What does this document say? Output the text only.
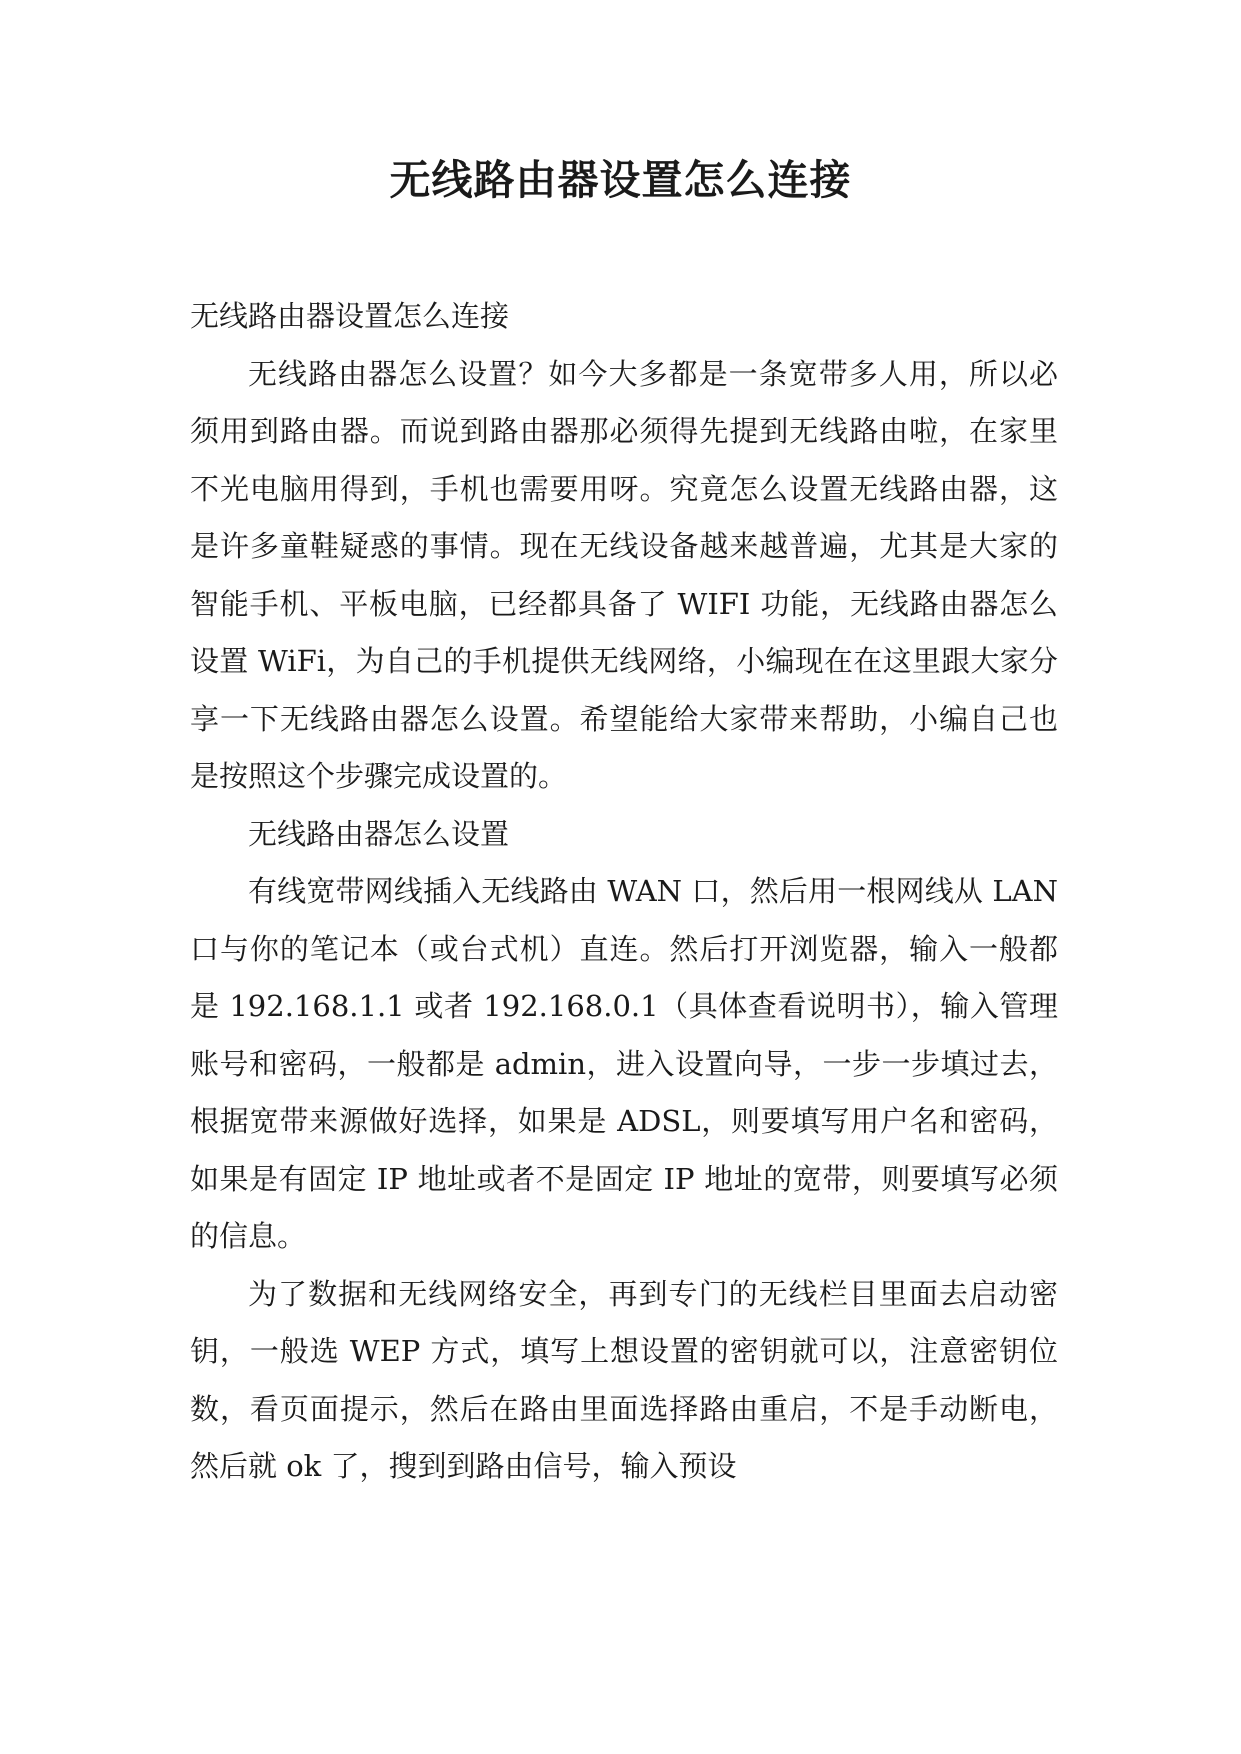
无线路由器设置怎么连接

无线路由器设置怎么连接

无线路由器怎么设置？如今大多都是一条宽带多人用，所以必须用到路由器。而说到路由器那必须得先提到无线路由啦，在家里不光电脑用得到，手机也需要用呀。究竟怎么设置无线路由器，这是许多童鞋疑惑的事情。现在无线设备越来越普遍，尤其是大家的智能手机、平板电脑，已经都具备了 WIFI 功能，无线路由器怎么设置 WiFi，为自己的手机提供无线网络，小编现在在这里跟大家分享一下无线路由器怎么设置。希望能给大家带来帮助，小编自己也是按照这个步骤完成设置的。

无线路由器怎么设置

有线宽带网线插入无线路由 WAN 口，然后用一根网线从 LAN 口与你的笔记本（或台式机）直连。然后打开浏览器，输入一般都是 192.168.1.1 或者 192.168.0.1（具体查看说明书），输入管理账号和密码，一般都是 admin，进入设置向导，一步一步填过去，根据宽带来源做好选择，如果是 ADSL，则要填写用户名和密码，如果是有固定 IP 地址或者不是固定 IP 地址的宽带，则要填写必须的信息。

为了数据和无线网络安全，再到专门的无线栏目里面去启动密钥，一般选 WEP 方式，填写上想设置的密钥就可以，注意密钥位数，看页面提示，然后在路由里面选择路由重启，不是手动断电，然后就 ok 了，搜到到路由信号，输入预设
